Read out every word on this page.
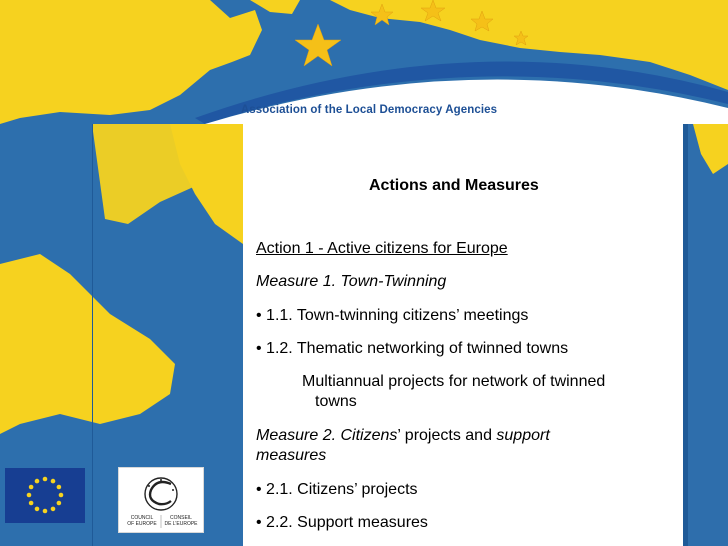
Association of the Local Democracy Agencies
Actions and Measures
Action 1 - Active citizens for Europe
Measure 1. Town-Twinning
• 1.1. Town-twinning citizens’ meetings
• 1.2. Thematic networking of twinned towns
Multiannual projects for network of twinned
towns
Measure 2. Citizens’ projects and support
measures
• 2.1. Citizens’ projects
• 2.2. Support measures
COUNCIL
OF EUROPE
CONSEIL
DE L’EUROPE
